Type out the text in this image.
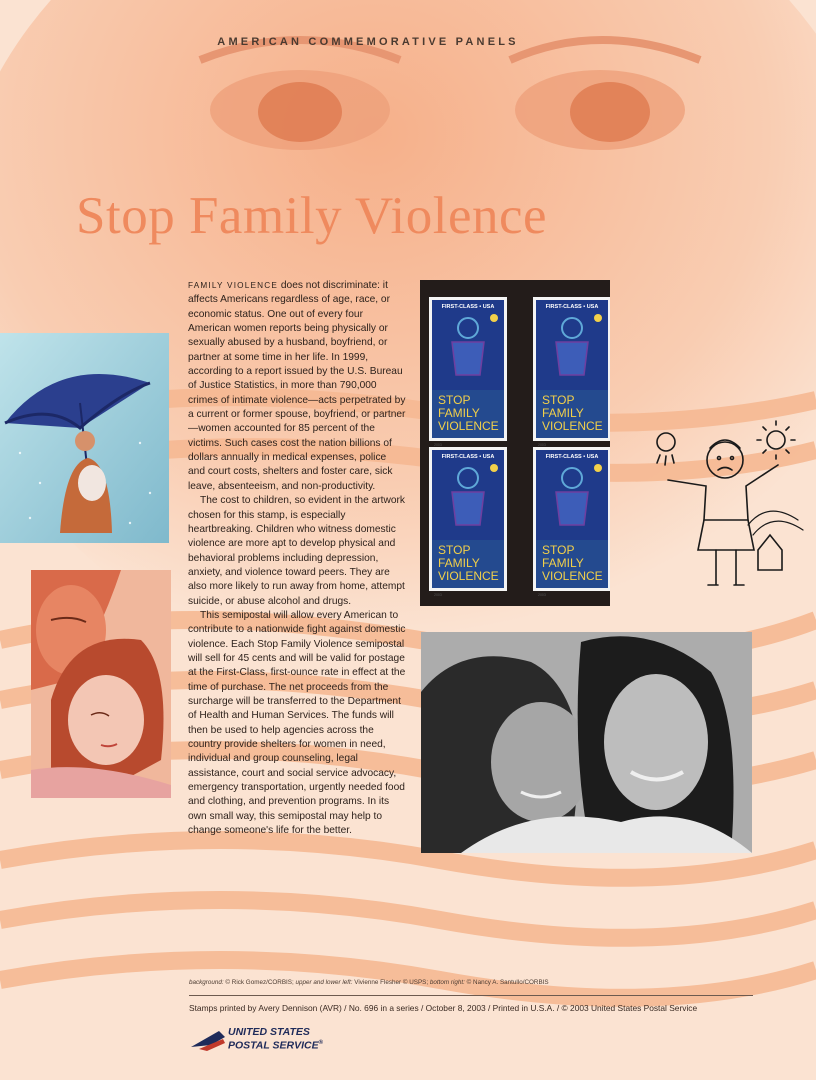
AMERICAN COMMEMORATIVE PANELS
Stop Family Violence

FAMILY VIOLENCE does not discriminate: it affects Americans regardless of age, race, or economic status. One out of every four American women reports being physically or sexually abused by a husband, boyfriend, or partner at some time in her life. In 1999, according to a report issued by the U.S. Bureau of Justice Statistics, in more than 790,000 crimes of intimate violence—acts perpetrated by a current or former spouse, boyfriend, or partner—women accounted for 85 percent of the victims. Such cases cost the nation billions of dollars annually in medical expenses, police and court costs, shelters and foster care, sick leave, absenteeism, and non-productivity.

The cost to children, so evident in the artwork chosen for this stamp, is especially heartbreaking. Children who witness domestic violence are more apt to develop physical and behavioral problems including depression, anxiety, and violence toward peers. They are also more likely to run away from home, attempt suicide, or abuse alcohol and drugs.

This semipostal will allow every American to contribute to a nationwide fight against domestic violence. Each Stop Family Violence semipostal will sell for 45 cents and will be valid for postage at the First-Class, first-ounce rate in effect at the time of purchase. The net proceeds from the surcharge will be transferred to the Department of Health and Human Services. The funds will then be used to help agencies across the country provide shelters for women in need, individual and group counseling, legal assistance, court and social service advocacy, emergency transportation, urgently needed food and clothing, and prevention programs. In its own small way, this semipostal may help to change someone's life for the better.

FIRST-CLASS • USA
STOP
FAMILY
VIOLENCE
2003
FIRST-CLASS • USA
STOP
FAMILY
VIOLENCE
2003
FIRST-CLASS • USA
STOP
FAMILY
VIOLENCE
2003
FIRST-CLASS • USA
STOP
FAMILY
VIOLENCE
2003
background: © Rick Gomez/CORBIS; upper and lower left: Vivienne Flesher © USPS; bottom right: © Nancy A. Santullo/CORBIS
Stamps printed by Avery Dennison (AVR) / No. 696 in a series / October 8, 2003 / Printed in U.S.A. / © 2003 United States Postal Service
UNITED STATES
POSTAL SERVICE®
